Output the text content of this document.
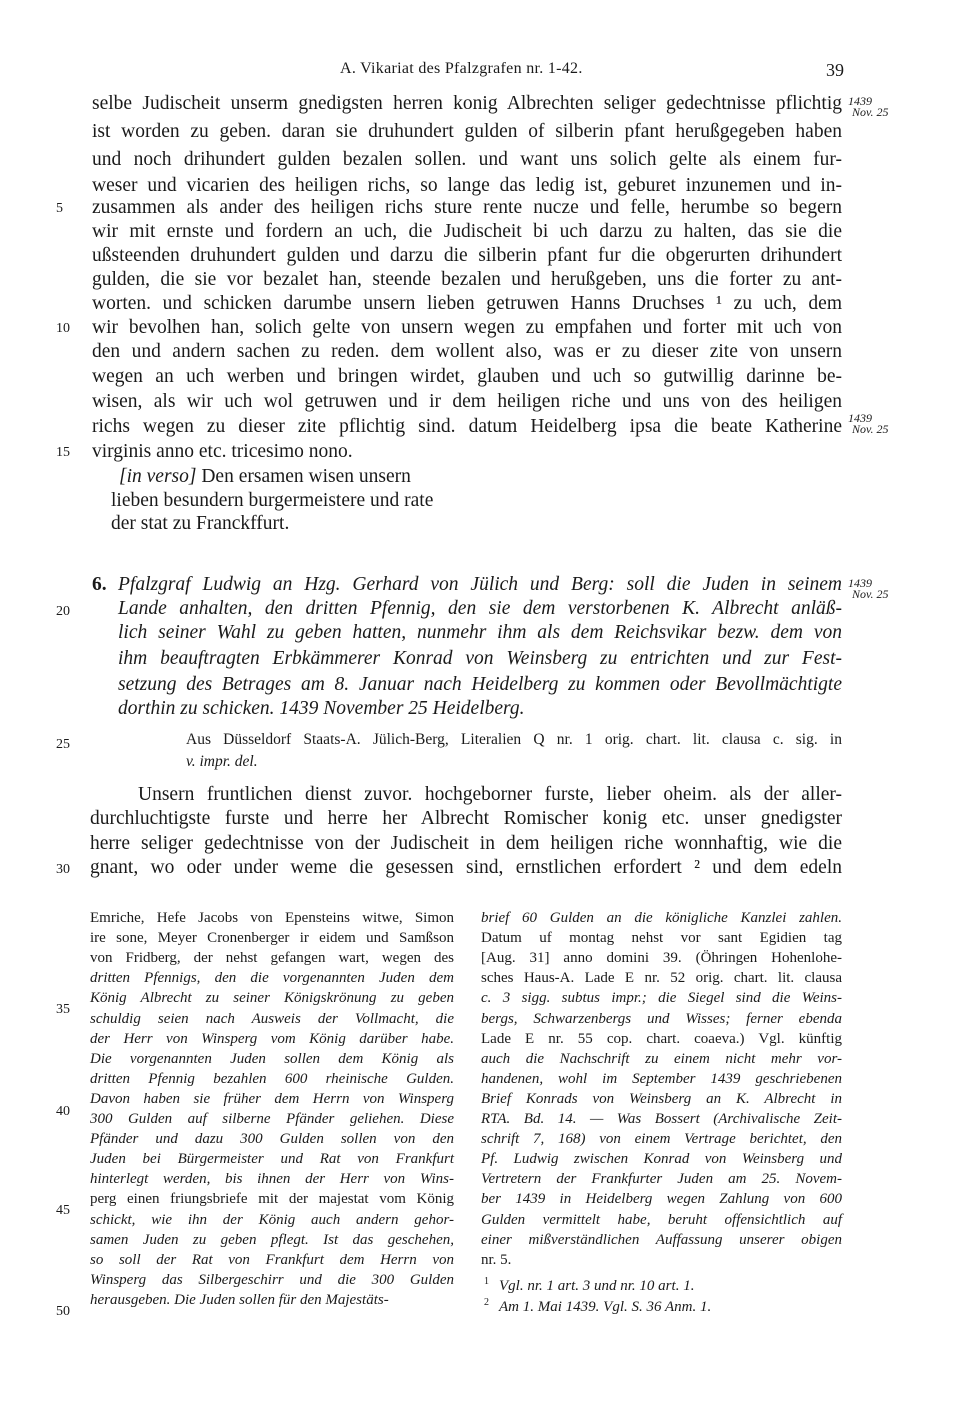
A. Vikariat des Pfalzgrafen nr. 1-42.	39
selbe Judischeit unserm gnedigsten herren konig Albrechten seliger gedechtnisse pflichtig
ist worden zu geben. daran sie druhundert gulden of silberin pfant herußgegeben haben
und noch drihundert gulden bezalen sollen. und want uns solich gelte als einem fur-
weser und vicarien des heiligen richs, so lange das ledig ist, geburet inzunemen und in-
zusammen als ander des heiligen richs sture rente nucze und felle, herumbe so begern
wir mit ernste und fordern an uch, die Judischeit bi uch darzu zu halten, das sie die
ußsteenden druhundert gulden und darzu die silberin pfant fur die obgerurten drihundert
gulden, die sie vor bezalet han, steende bezalen und herußgeben, uns die forter zu ant-
worten. und schicken darumbe unsern lieben getruwen Hanns Druchses ¹ zu uch, dem
wir bevolhen han, solich gelte von unsern wegen zu empfahen und forter mit uch von
den und andern sachen zu reden. dem wollent also, was er zu dieser zite von unsern
wegen an uch werben und bringen wirdet, glauben und uch so gutwillig darinne be-
wisen, als wir uch wol getruwen und ir dem heiligen riche und uns von des heiligen
richs wegen zu dieser zite pflichtig sind. datum Heidelberg ipsa die beate Katherine
virginis anno etc. tricesimo nono.
[in verso] Den ersamen wisen unsern
lieben besundern burgermeistere und rate
der stat zu Franckffurt.
1439
Nov. 25
1439
Nov. 25
1439
Nov. 25
5
10
15
20
25
30
35
40
45
50
6. Pfalzgraf Ludwig an Hzg. Gerhard von Jülich und Berg: soll die Juden in seinem
Lande anhalten, den dritten Pfennig, den sie dem verstorbenen K. Albrecht anläß-
lich seiner Wahl zu geben hatten, nunmehr ihm als dem Reichsvikar bezw. dem von
ihm beauftragten Erbkämmerer Konrad von Weinsberg zu entrichten und zur Fest-
setzung des Betrages am 8. Januar nach Heidelberg zu kommen oder Bevollmächtigte
dorthin zu schicken. 1439 November 25 Heidelberg.
Aus Düsseldorf Staats-A. Jülich-Berg, Literalien Q nr. 1 orig. chart. lit. clausa c. sig. in
v. impr. del.
Unsern fruntlichen dienst zuvor. hochgeborner furste, lieber oheim. als der aller-
durchluchtigste furste und herre her Albrecht Romischer konig etc. unser gnedigster
herre seliger gedechtnisse von der Judischeit in dem heiligen riche wonnhaftig, wie die
gnant, wo oder under weme die gesessen sind, ernstlichen erfordert ² und dem edeln
Emriche, Hefe Jacobs von Epensteins witwe, Simon
ire sone, Meyer Cronenberger ir eidem und Samßson
von Fridberg, der nehst gefangen wart, wegen des
dritten Pfennigs, den die vorgenannten Juden dem
König Albrecht zu seiner Königskrönung zu geben
schuldig seien nach Ausweis der Vollmacht, die
der Herr von Winsperg vom König darüber habe.
Die vorgenannten Juden sollen dem König als
dritten Pfennig bezahlen 600 rheinische Gulden.
Davon haben sie früher dem Herrn von Winsperg
300 Gulden auf silberne Pfänder geliehen. Diese
Pfänder und dazu 300 Gulden sollen von den
Juden bei Bürgermeister und Rat von Frankfurt
hinterlegt werden, bis ihnen der Herr von Wins-
perg einen friungsbriefe mit der majestat vom König
schickt, wie ihn der König auch andern gehor-
samen Juden zu geben pflegt. Ist das geschehen,
so soll der Rat von Frankfurt dem Herrn von
Winsperg das Silbergeschirr und die 300 Gulden
herausgeben. Die Juden sollen für den Majestäts-
brief 60 Gulden an die königliche Kanzlei zahlen.
Datum uf montag nehst vor sant Egidien tag
[Aug. 31] anno domini 39. (Öhringen Hohenlohe-
sches Haus-A. Lade E nr. 52 orig. chart. lit. clausa
c. 3 sigg. subtus impr.; die Siegel sind die Weins-
bergs, Schwarzenbergs und Wisses; ferner ebenda
Lade E nr. 55 cop. chart. coaeva.) Vgl. künftig
auch die Nachschrift zu einem nicht mehr vor-
handenen, wohl im September 1439 geschriebenen
Brief Konrads von Weinsberg an K. Albrecht in
RTA. Bd. 14. — Was Bossert (Archivalische Zeit-
schrift 7, 168) von einem Vertrage berichtet, den
Pf. Ludwig zwischen Konrad von Weinsberg und
Vertretern der Frankfurter Juden am 25. Novem-
ber 1439 in Heidelberg wegen Zahlung von 600
Gulden vermittelt habe, beruht offensichtlich auf
einer mißverständlichen Auffassung unserer obigen
nr. 5.
$^1$ Vgl. nr. 1 art. 3 und nr. 10 art. 1.
$^2$ Am 1. Mai 1439. Vgl. S. 36 Anm. 1.
